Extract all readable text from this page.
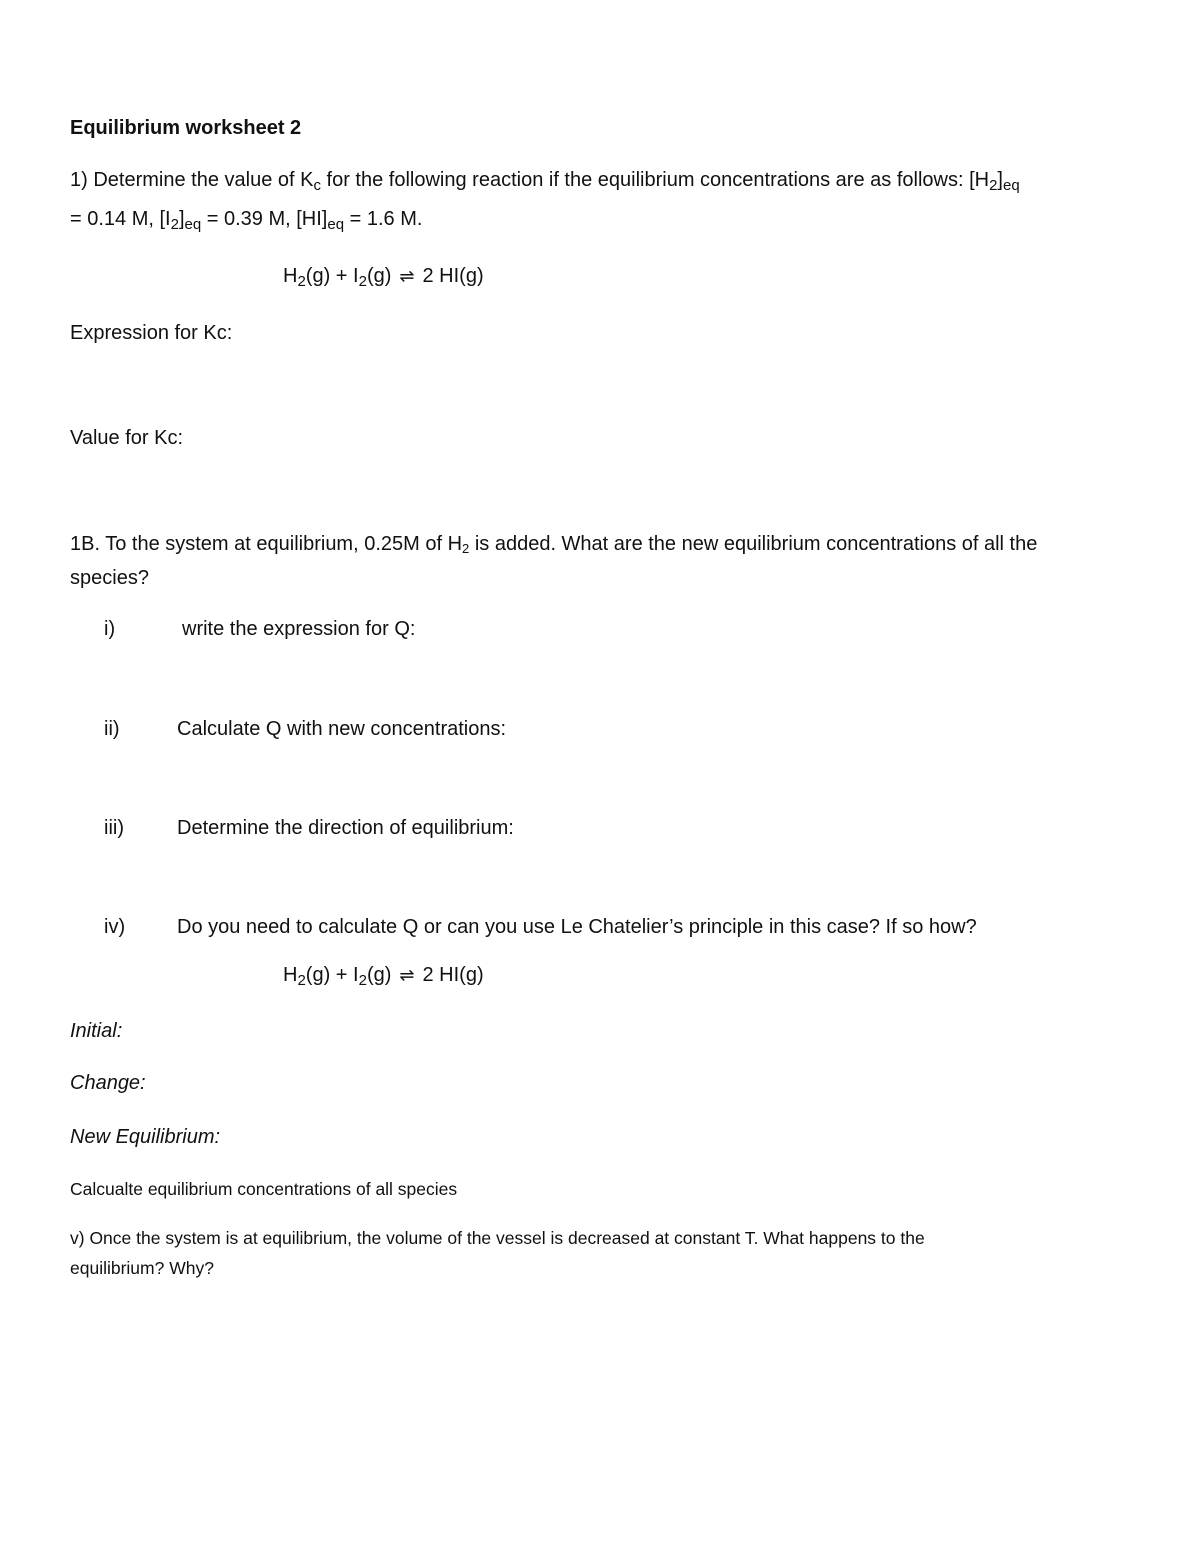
Equilibrium worksheet 2
1) Determine the value of $K_c$ for the following reaction if the equilibrium concentrations are as follows: $[H_2]_{eq}$
= 0.14 M, $[I_2]_{eq} = 0.39$ M, $[HI]_{eq} = 1.6$ M.
$H_2(g) + I_2(g)$ ⇌ 2 HI(g)
Expression for Kc:
Value for Kc:
1B. To the system at equilibrium, 0.25M of $H_2$ is added. What are the new equilibrium concentrations of all the
species?
i)	write the expression for Q:
ii)	Calculate Q with new concentrations:
iii)	Determine the direction of equilibrium:
iv)	Do you need to calculate Q or can you use Le Chatelier’s principle in this case? If so how?
$H_2(g) + I_2(g)$ ⇌ 2 HI(g)
Initial:
Change:
New Equilibrium:
Calcualte equilibrium concentrations of all species
v) Once the system is at equilibrium, the volume of the vessel is decreased at constant T. What happens to the
equilibrium? Why?
